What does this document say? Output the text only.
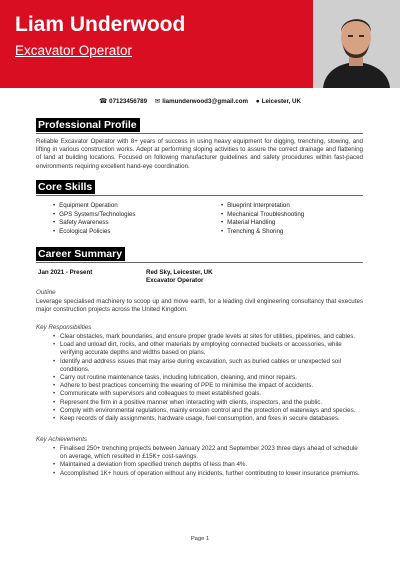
Liam Underwood
Excavator Operator
☎ 07123456789 ✉ liamunderwood3@gmail.com ● Leicester, UK
Professional Profile
Reliable Excavator Operator with 8+ years of success in using heavy equipment for digging, trenching, stowing, and lifting in various construction works. Adept at performing sloping activities to assure the correct drainage and flattening of land at building locations. Focused on following manufacturer guidelines and safety procedures within fast-paced environments requiring excellent hand-eye coordination.
Core Skills
• Equipment Operation
• GPS Systems/Technologies
• Safety Awareness
• Ecological Policies
• Blueprint Interpretation
• Mechanical Troubleshooting
• Material Handling
• Trenching & Shoring
Career Summary
Jan 2021 - Present	Red Sky, Leicester, UK
Excavator Operator
Outline
Leverage specialised machinery to scoop up and move earth, for a leading civil engineering consultancy that executes major construction projects across the United Kingdom.
Key Responsibilities
• Clear obstacles, mark boundaries, and ensure proper grade levels at sites for utilities, pipelines, and cables.
• Load and unload dirt, rocks, and other materials by employing connected buckets or accessories, while verifying accurate depths and widths based on plans.
• Identify and address issues that may arise during excavation, such as buried cables or unexpected soil conditions.
• Carry out routine maintenance tasks, including lubrication, cleaning, and minor repairs.
• Adhere to best practices concerning the wearing of PPE to minimise the impact of accidents.
• Communicate with supervisors and colleagues to meet established goals.
• Represent the firm in a positive manner when interacting with clients, inspectors, and the public.
• Comply with environmental regulations, mainly erosion control and the protection of waterways and species.
• Keep records of daily assignments, hardware usage, fuel consumption, and fixes in secure databases.
Key Achievements
• Finalised 250+ trenching projects between January 2022 and September 2023 three days ahead of schedule on average, which resulted in £15K+ cost-savings.
• Maintained a deviation from specified trench depths of less than 4%.
• Accomplished 1K+ hours of operation without any incidents, further contributing to lower insurance premiums.
Page 1
